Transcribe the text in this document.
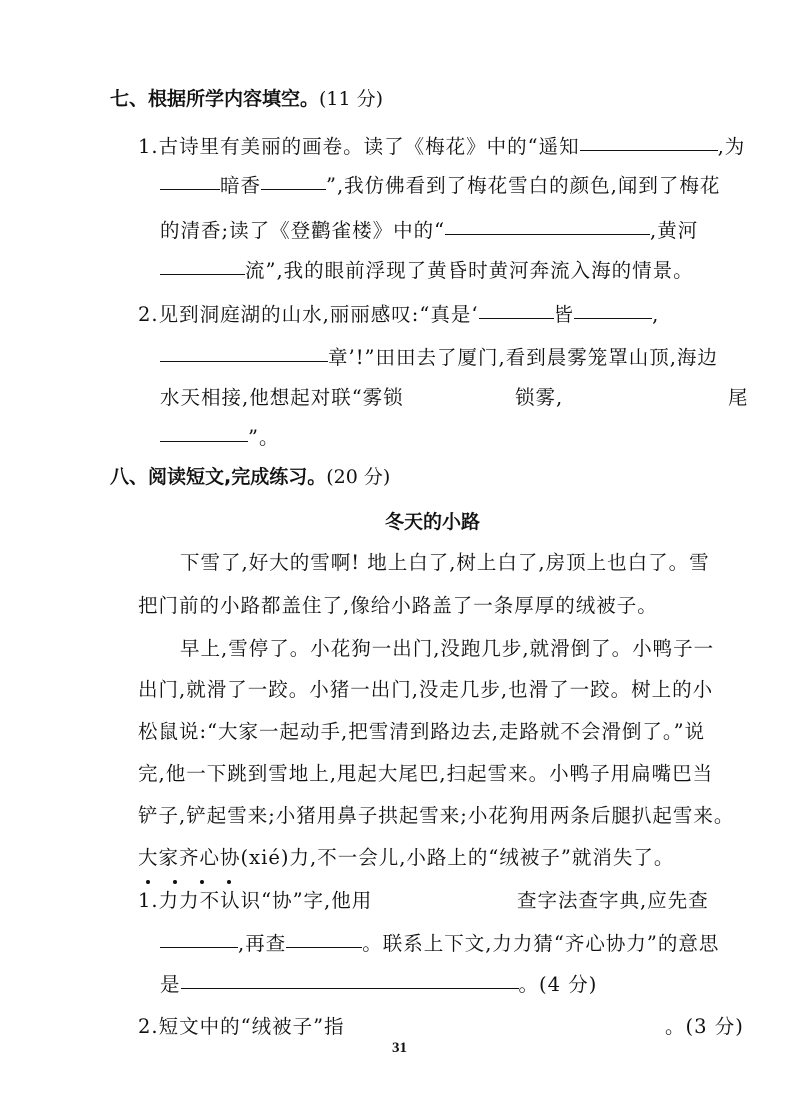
七、根据所学内容填空。(11 分)
1.古诗里有美丽的画卷。读了《梅花》中的“遥知	,为
暗香	”,我仿佛看到了梅花雪白的颜色,闻到了梅花
的清香;读了《登鹳雀楼》中的“	,黄河
流”,我的眼前浮现了黄昏时黄河奔流入海的情景。
2.见到洞庭湖的山水,丽丽感叹:“真是‘	皆	,
章’!”田田去了厦门,看到晨雾笼罩山顶,海边
水天相接,他想起对联“雾锁	锁雾,	尾
”。
八、阅读短文,完成练习。(20 分)
冬天的小路
下雪了,好大的雪啊! 地上白了,树上白了,房顶上也白了。雪
把门前的小路都盖住了,像给小路盖了一条厚厚的绒被子。
早上,雪停了。小花狗一出门,没跑几步,就滑倒了。小鸭子一
出门,就滑了一跤。小猪一出门,没走几步,也滑了一跤。树上的小
松鼠说:“大家一起动手,把雪清到路边去,走路就不会滑倒了。”说
完,他一下跳到雪地上,甩起大尾巴,扫起雪来。小鸭子用扁嘴巴当
铲子,铲起雪来;小猪用鼻子拱起雪来;小花狗用两条后腿扒起雪来。
大家齐心协(xié)力,不一会儿,小路上的“绒被子”就消失了。
1.力力不认识“协”字,他用	查字法查字典,应先查
,再查	。联系上下文,力力猜“齐心协力”的意思
是	。(4 分)
2.短文中的“绒被子”指	。(3 分)
31
